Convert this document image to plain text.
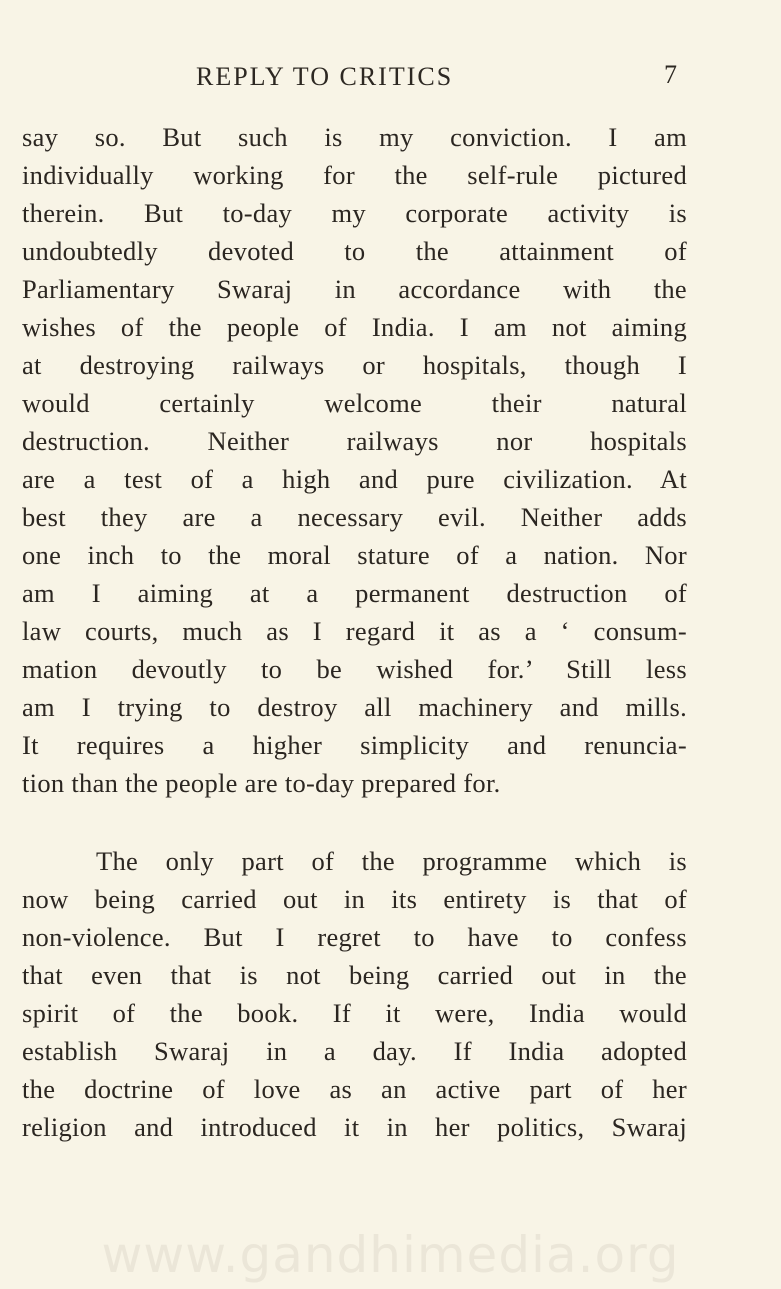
REPLY TO CRITICS	7
say so. But such is my conviction. I am
individually working for the self-rule pictured
therein. But to-day my corporate activity is
undoubtedly devoted to the attainment of
Parliamentary Swaraj in accordance with the
wishes of the people of India. I am not aiming
at destroying railways or hospitals, though I
would certainly welcome their natural
destruction. Neither railways nor hospitals
are a test of a high and pure civilization. At
best they are a necessary evil. Neither adds
one inch to the moral stature of a nation. Nor
am I aiming at a permanent destruction of
law courts, much as I regard it as a ‘ consum-
mation devoutly to be wished for.’ Still less
am I trying to destroy all machinery and mills.
It requires a higher simplicity and renuncia-
tion than the people are to-day prepared for.
The only part of the programme which is
now being carried out in its entirety is that of
non-violence. But I regret to have to confess
that even that is not being carried out in the
spirit of the book. If it were, India would
establish Swaraj in a day. If India adopted
the doctrine of love as an active part of her
religion and introduced it in her politics, Swaraj
www.gandhimedia.org
